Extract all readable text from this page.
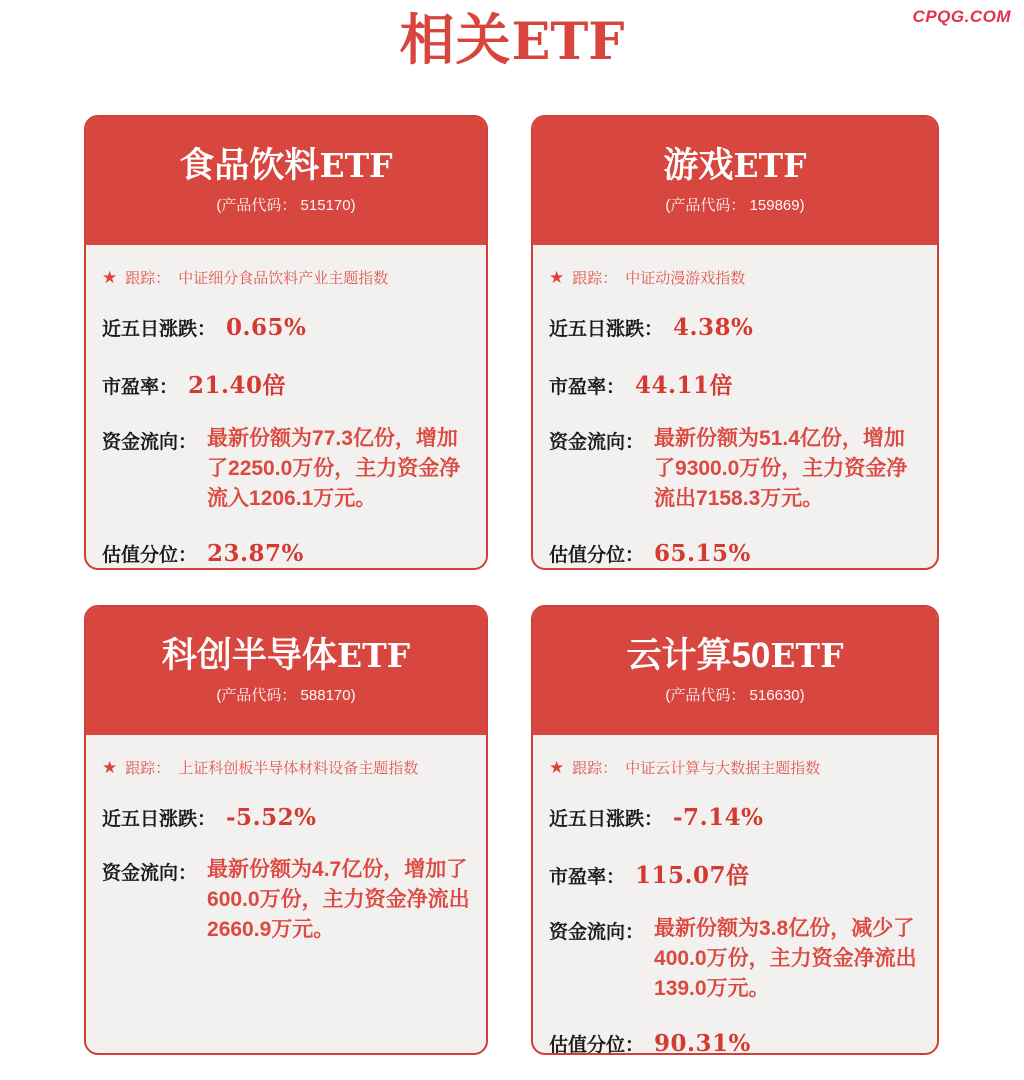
CPQG.COM
相关ETF
食品饮料ETF
(产品代码： 515170)
★ 跟踪： 中证细分食品饮料产业主题指数
近五日涨跌： 0.65%
市盈率： 21.40倍
资金流向： 最新份额为77.3亿份，增加了2250.0万份，主力资金净流入1206.1万元。
估值分位： 23.87%
游戏ETF
(产品代码： 159869)
★ 跟踪： 中证动漫游戏指数
近五日涨跌： 4.38%
市盈率： 44.11倍
资金流向： 最新份额为51.4亿份，增加了9300.0万份，主力资金净流出7158.3万元。
估值分位： 65.15%
科创半导体ETF
(产品代码： 588170)
★ 跟踪： 上证科创板半导体材料设备主题指数
近五日涨跌： -5.52%
资金流向： 最新份额为4.7亿份，增加了600.0万份，主力资金净流出2660.9万元。
云计算50ETF
(产品代码： 516630)
★ 跟踪： 中证云计算与大数据主题指数
近五日涨跌： -7.14%
市盈率： 115.07倍
资金流向： 最新份额为3.8亿份，减少了400.0万份，主力资金净流出139.0万元。
估值分位： 90.31%
